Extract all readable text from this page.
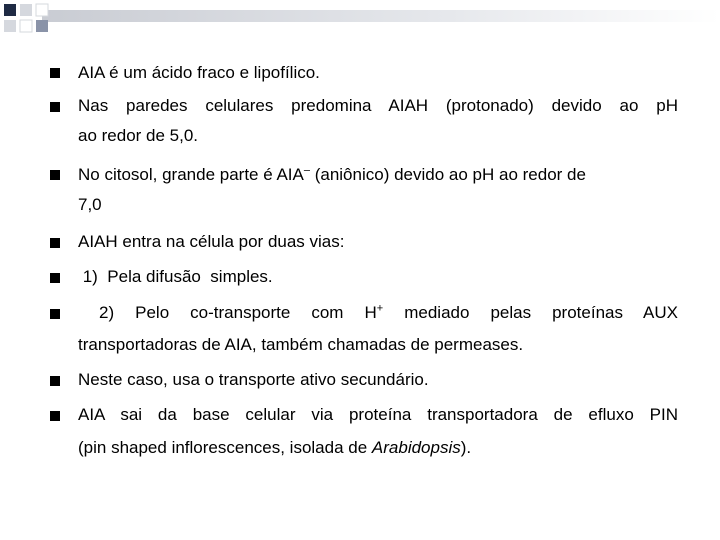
AIA é um ácido fraco e lipofílico.
Nas paredes celulares predomina AIAH (protonado) devido ao pH
ao redor de 5,0.
No citosol, grande parte é AIA– (aniônico) devido ao pH ao redor de
7,0
AIAH entra na célula por duas vias:
1)  Pela difusão  simples.
2)  Pelo  co-transporte  com  H+  mediado  pelas  proteínas  AUX
transportadoras de AIA, também chamadas de permeases.
Neste caso, usa o transporte ativo secundário.
AIA sai da base celular via proteína transportadora de efluxo PIN
(pin shaped inflorescences, isolada de Arabidopsis).
